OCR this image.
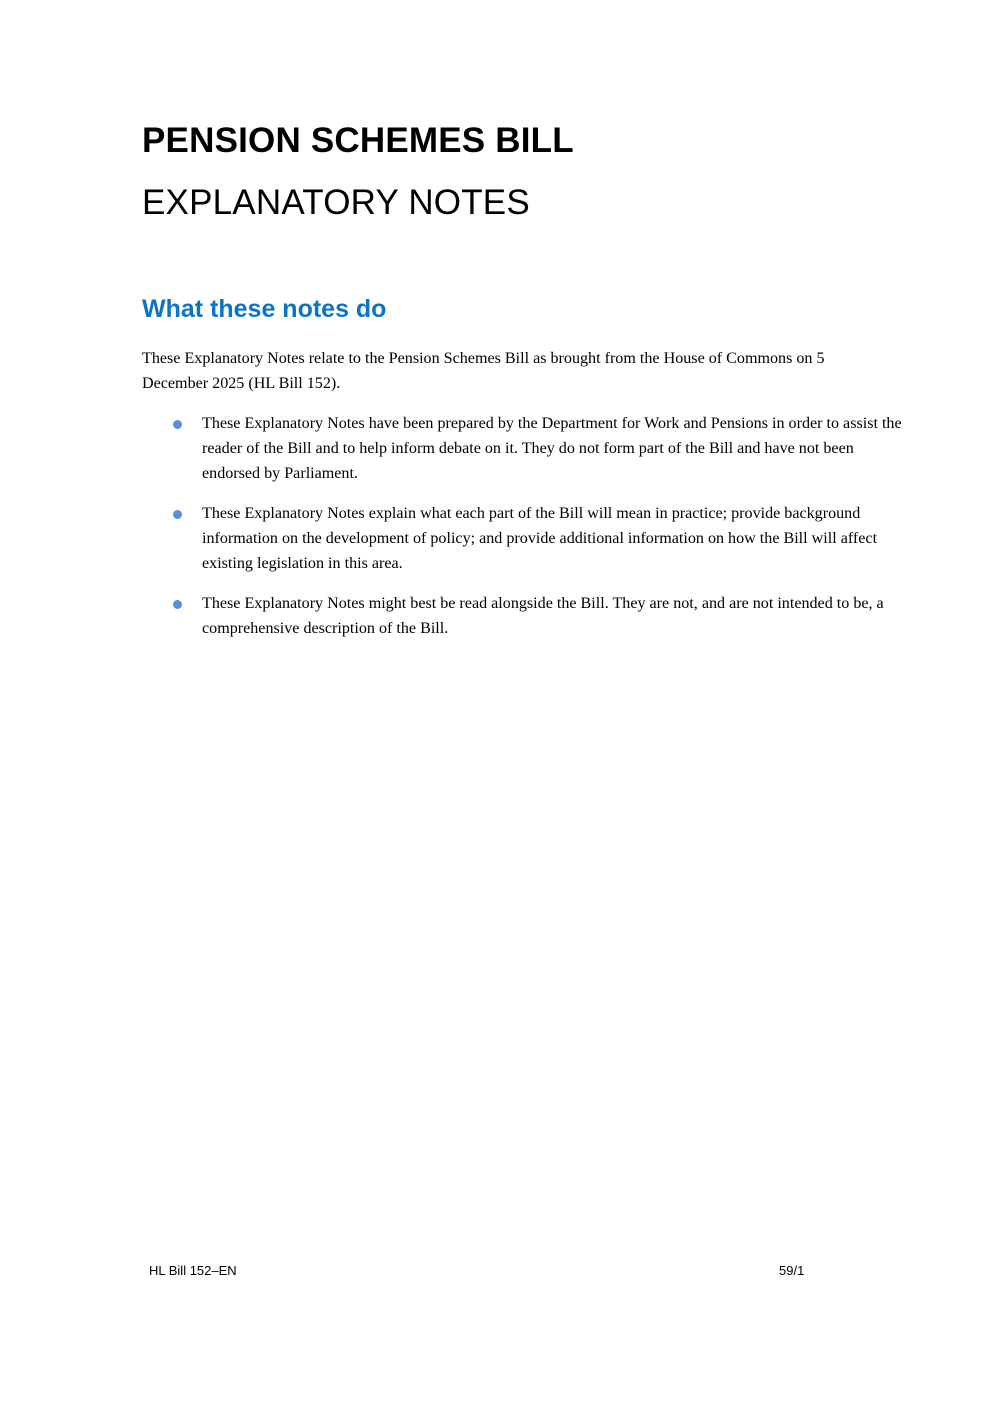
PENSION SCHEMES BILL
EXPLANATORY NOTES
What these notes do

These Explanatory Notes relate to the Pension Schemes Bill as brought from the House of Commons on 5 December 2025 (HL Bill 152).

These Explanatory Notes have been prepared by the Department for Work and Pensions in order to assist the reader of the Bill and to help inform debate on it. They do not form part of the Bill and have not been endorsed by Parliament.
These Explanatory Notes explain what each part of the Bill will mean in practice; provide background information on the development of policy; and provide additional information on how the Bill will affect existing legislation in this area.
These Explanatory Notes might best be read alongside the Bill. They are not, and are not intended to be, a comprehensive description of the Bill.
HL Bill 152–EN	59/1
